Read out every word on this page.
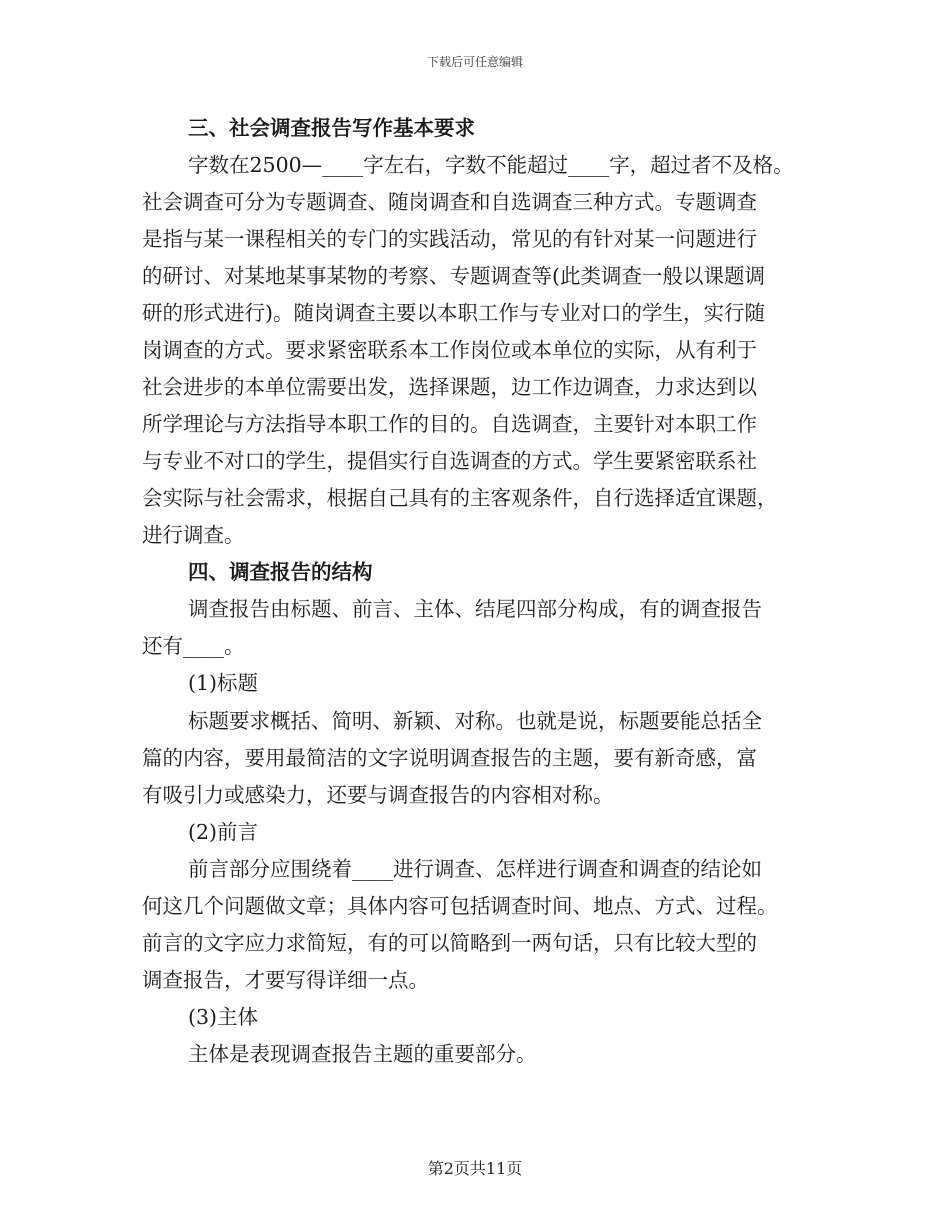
下载后可任意编辑
三、社会调查报告写作基本要求
字数在2500—____字左右，字数不能超过____字，超过者不及格。
社会调查可分为专题调查、随岗调查和自选调查三种方式。专题调查
是指与某一课程相关的专门的实践活动，常见的有针对某一问题进行
的研讨、对某地某事某物的考察、专题调查等(此类调查一般以课题调
研的形式进行)。随岗调查主要以本职工作与专业对口的学生，实行随
岗调查的方式。要求紧密联系本工作岗位或本单位的实际，从有利于
社会进步的本单位需要出发，选择课题，边工作边调查，力求达到以
所学理论与方法指导本职工作的目的。自选调查，主要针对本职工作
与专业不对口的学生，提倡实行自选调查的方式。学生要紧密联系社
会实际与社会需求，根据自己具有的主客观条件，自行选择适宜课题，
进行调查。
四、调查报告的结构
调查报告由标题、前言、主体、结尾四部分构成，有的调查报告
还有____。
(1)标题
标题要求概括、简明、新颖、对称。也就是说，标题要能总括全
篇的内容，要用最简洁的文字说明调查报告的主题，要有新奇感，富
有吸引力或感染力，还要与调查报告的内容相对称。
(2)前言
前言部分应围绕着____进行调查、怎样进行调查和调查的结论如
何这几个问题做文章；具体内容可包括调查时间、地点、方式、过程。
前言的文字应力求简短，有的可以简略到一两句话，只有比较大型的
调查报告，才要写得详细一点。
(3)主体
主体是表现调查报告主题的重要部分。
第2页共11页
